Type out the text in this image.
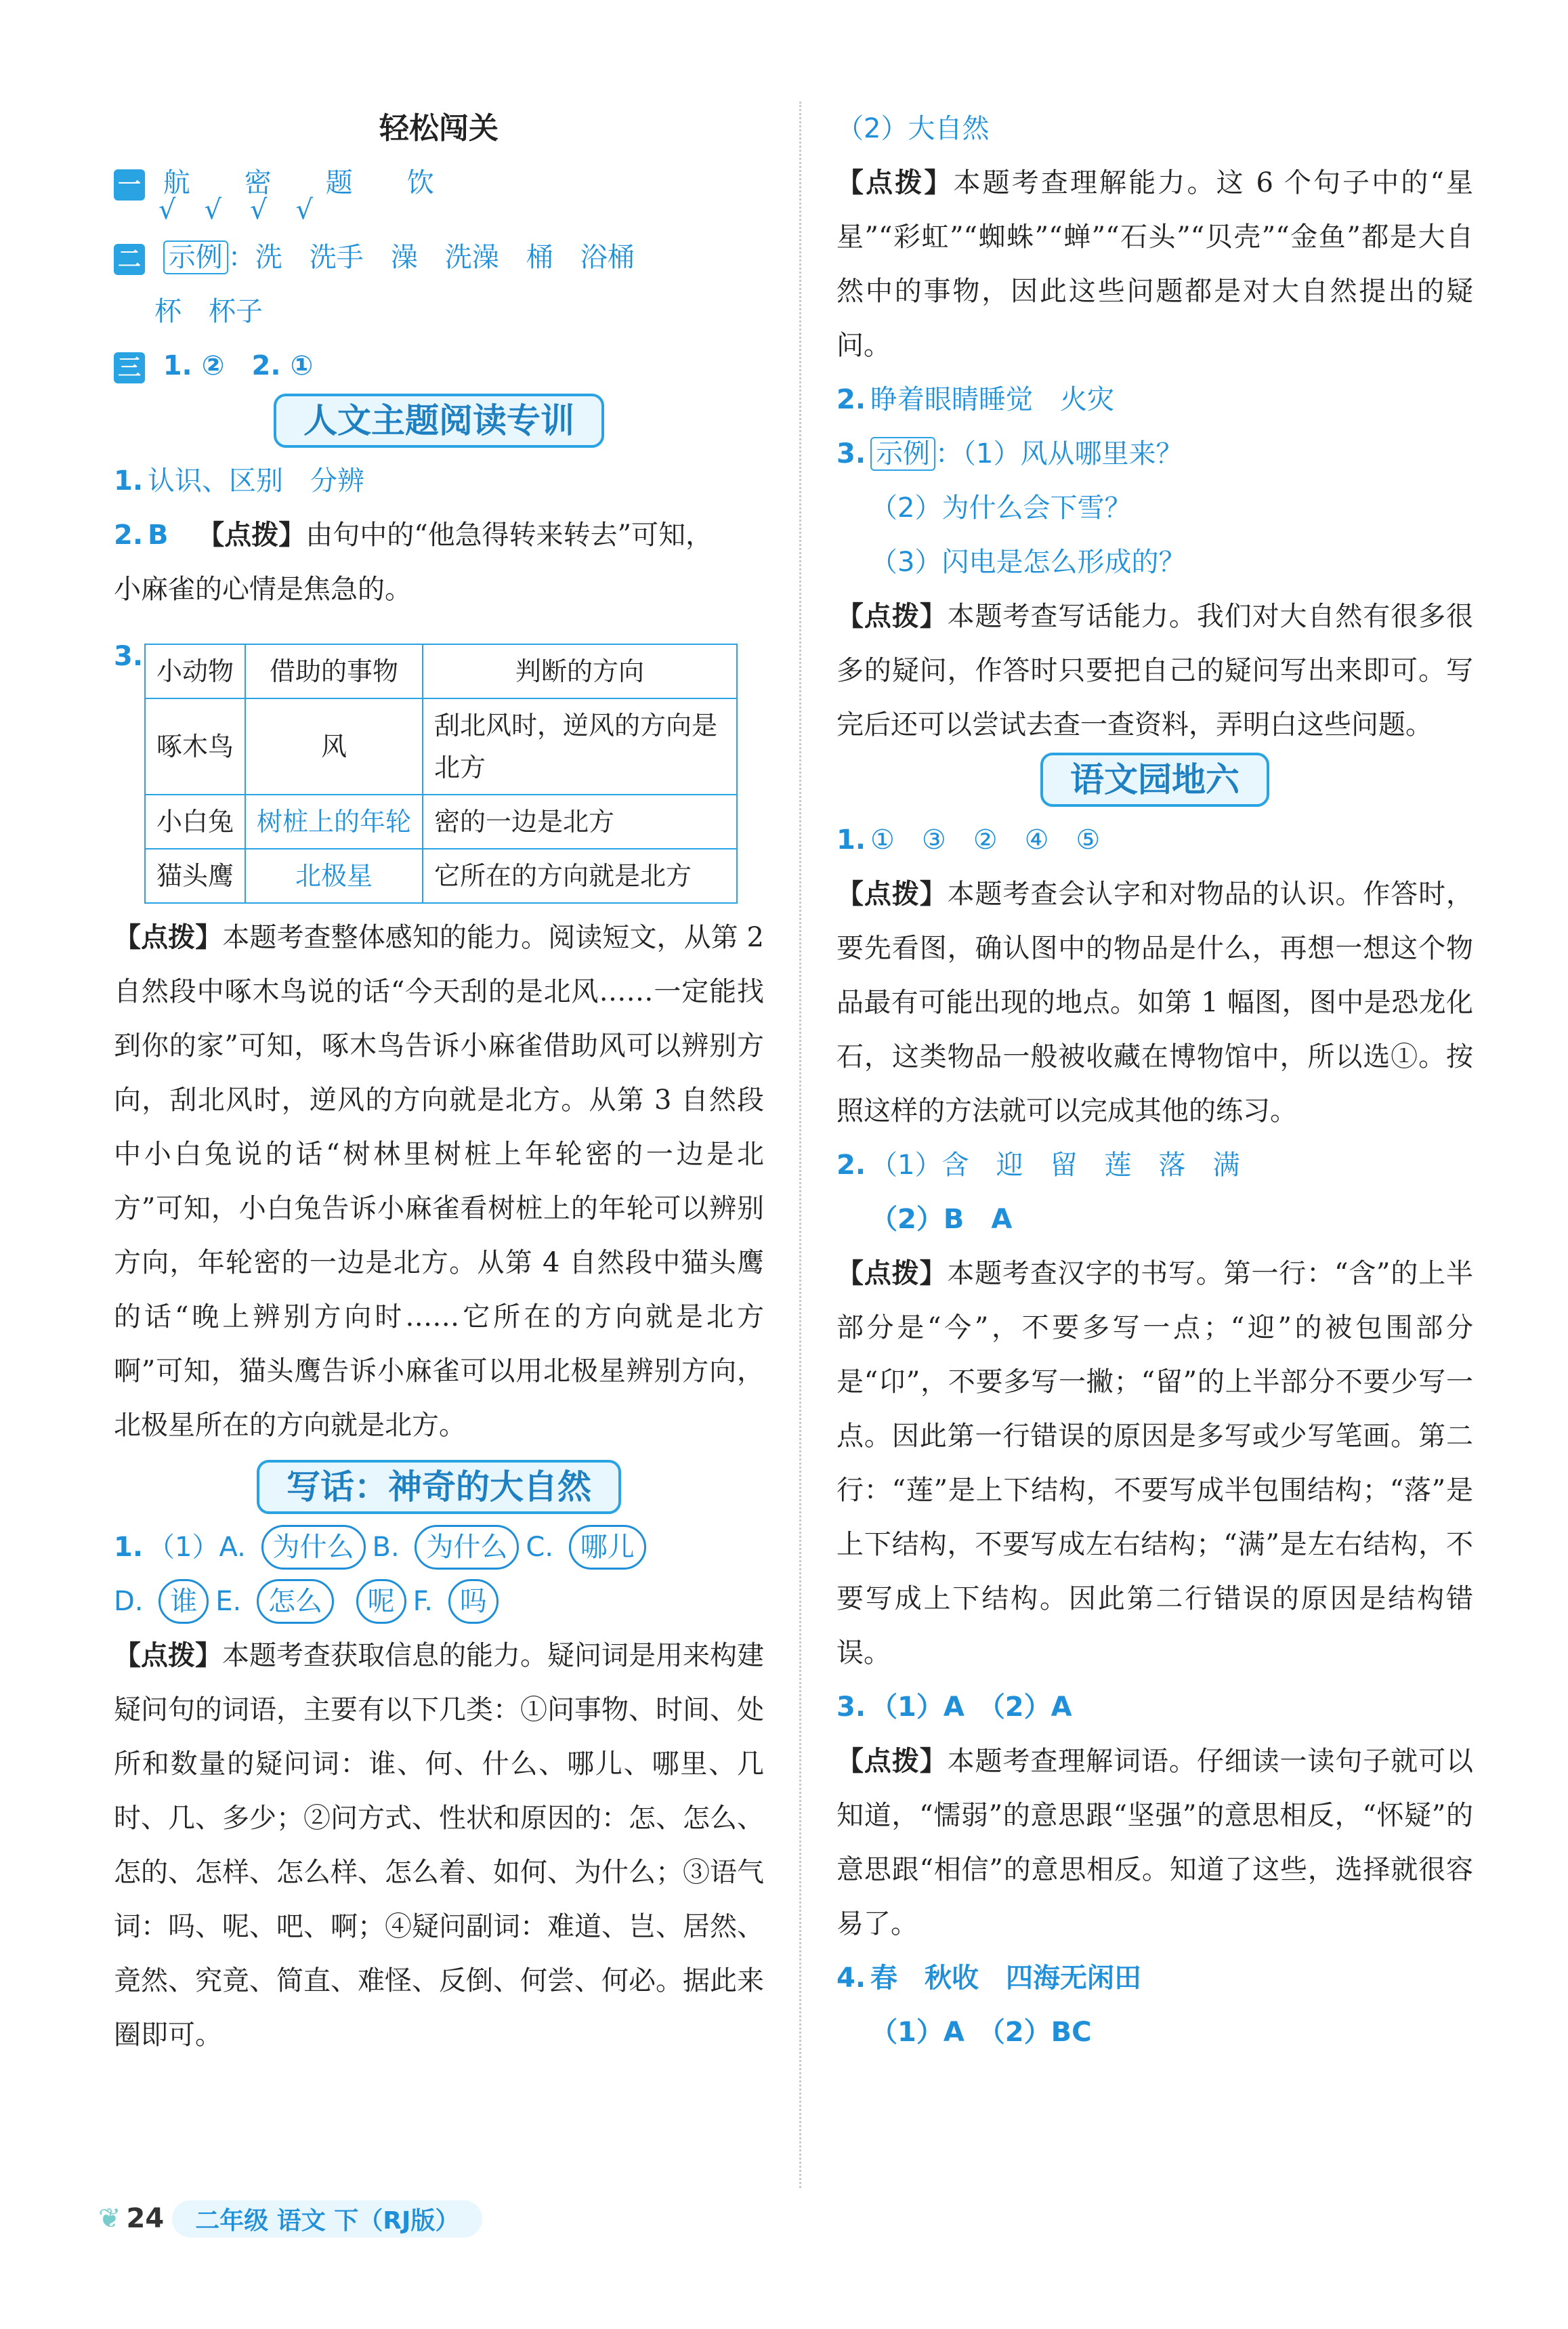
轻松闯关
一 航　密　题　饮
√√√√
二 示例 ：洗　洗手　澡　洗澡　桶　浴桶
杯　杯子
三 1. ②　2. ①
人文主题阅读专训
1. 认识、区别　分辨
2. B 【点拨】由句中的“他急得转来转去”可知，
小麻雀的心情是焦急的。
3. 小动物	借助的事物	判断的方向
啄木鸟	风	刮北风时，逆风的方向是北方
小白兔	树桩上的年轮	密的一边是北方
猫头鹰	北极星	它所在的方向就是北方

【点拨】本题考查整体感知的能力。阅读短文，从第 2 自然段中啄木鸟说的话“今天刮的是北风……一定能找到你的家”可知，啄木鸟告诉小麻雀借助风可以辨别方向，刮北风时，逆风的方向就是北方。从第 3 自然段中小白兔说的话“树林里树桩上年轮密的一边是北方”可知，小白兔告诉小麻雀看树桩上的年轮可以辨别方向，年轮密的一边是北方。从第 4 自然段中猫头鹰的话“晚上辨别方向时……它所在的方向就是北方啊”可知，猫头鹰告诉小麻雀可以用北极星辨别方向，北极星所在的方向就是北方。

写话：神奇的大自然
1. （1）A. 为什么 B. 为什么 C. 哪儿
D. 谁 E. 怎么 呢 F. 吗

【点拨】本题考查获取信息的能力。疑问词是用来构建疑问句的词语，主要有以下几类：①问事物、时间、处所和数量的疑问词：谁、何、什么、哪儿、哪里、几时、几、多少；②问方式、性状和原因的：怎、怎么、怎的、怎样、怎么样、怎么着、如何、为什么；③语气词：吗、呢、吧、啊；④疑问副词：难道、岂、居然、竟然、究竟、简直、难怪、反倒、何尝、何必。据此来圈即可。

（2）大自然

【点拨】本题考查理解能力。这 6 个句子中的“星星”“彩虹”“蜘蛛”“蝉”“石头”“贝壳”“金鱼”都是大自然中的事物，因此这些问题都是对大自然提出的疑问。

2. 睁着眼睛睡觉　火灾
3. 示例 ：（1）风从哪里来？
（2）为什么会下雪？
（3）闪电是怎么形成的？

【点拨】本题考查写话能力。我们对大自然有很多很多的疑问，作答时只要把自己的疑问写出来即可。写完后还可以尝试去查一查资料，弄明白这些问题。

语文园地六
1. ①　③　②　④　⑤

【点拨】本题考查会认字和对物品的认识。作答时，要先看图，确认图中的物品是什么，再想一想这个物品最有可能出现的地点。如第 1 幅图，图中是恐龙化石，这类物品一般被收藏在博物馆中，所以选①。按照这样的方法就可以完成其他的练习。

2. （1）含　迎　留　莲　落　满
（2）B　A

【点拨】本题考查汉字的书写。第一行：“含”的上半部分是“今”，不要多写一点；“迎”的被包围部分是“卬”，不要多写一撇；“留”的上半部分不要少写一点。因此第一行错误的原因是多写或少写笔画。第二行：“莲”是上下结构，不要写成半包围结构；“落”是上下结构，不要写成左右结构；“满”是左右结构，不要写成上下结构。因此第二行错误的原因是结构错误。

3. （1）A　（2）A

【点拨】本题考查理解词语。仔细读一读句子就可以知道，“懦弱”的意思跟“坚强”的意思相反，“怀疑”的意思跟“相信”的意思相反。知道了这些，选择就很容易了。

4. 春　秋收　四海无闲田
（1）A　（2）BC
❦ 24	二年级 语文 下（RJ版）
